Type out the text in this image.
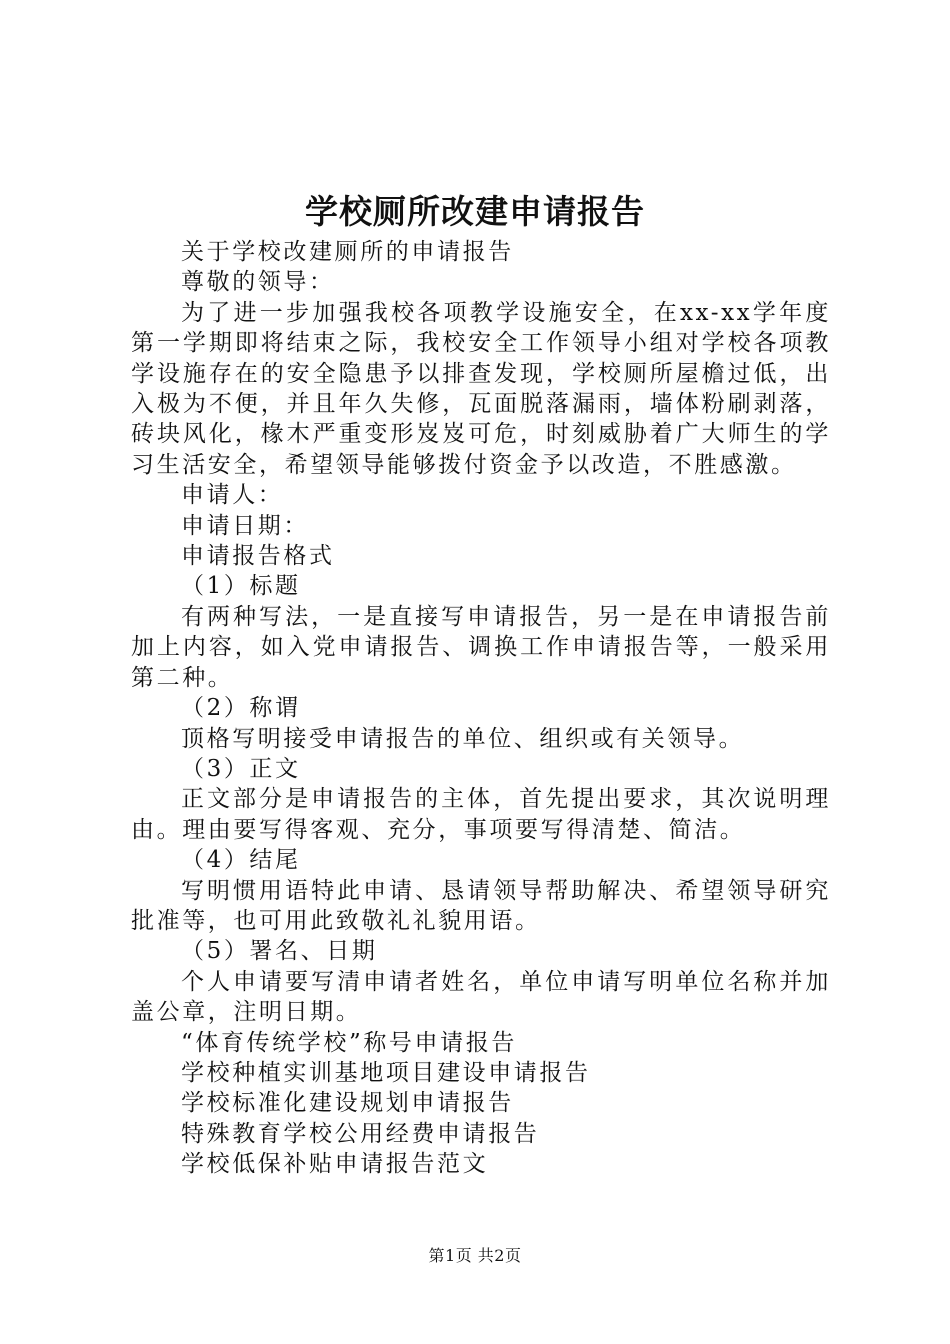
学校厕所改建申请报告

关于学校改建厕所的申请报告

尊敬的领导：

为了进一步加强我校各项教学设施安全，在xx-xx学年度第一学期即将结束之际，我校安全工作领导小组对学校各项教学设施存在的安全隐患予以排查发现，学校厕所屋檐过低，出入极为不便，并且年久失修，瓦面脱落漏雨，墙体粉刷剥落，砖块风化，椽木严重变形岌岌可危，时刻威胁着广大师生的学习生活安全，希望领导能够拨付资金予以改造，不胜感激。

申请人：

申请日期：

申请报告格式

（1）标题

有两种写法，一是直接写申请报告，另一是在申请报告前加上内容，如入党申请报告、调换工作申请报告等，一般采用第二种。

（2）称谓

顶格写明接受申请报告的单位、组织或有关领导。

（3）正文

正文部分是申请报告的主体，首先提出要求，其次说明理由。理由要写得客观、充分，事项要写得清楚、简洁。

（4）结尾

写明惯用语特此申请、恳请领导帮助解决、希望领导研究批准等，也可用此致敬礼礼貌用语。

（5）署名、日期

个人申请要写清申请者姓名，单位申请写明单位名称并加盖公章，注明日期。

“体育传统学校”称号申请报告

学校种植实训基地项目建设申请报告

学校标准化建设规划申请报告

特殊教育学校公用经费申请报告

学校低保补贴申请报告范文

第1页 共2页
